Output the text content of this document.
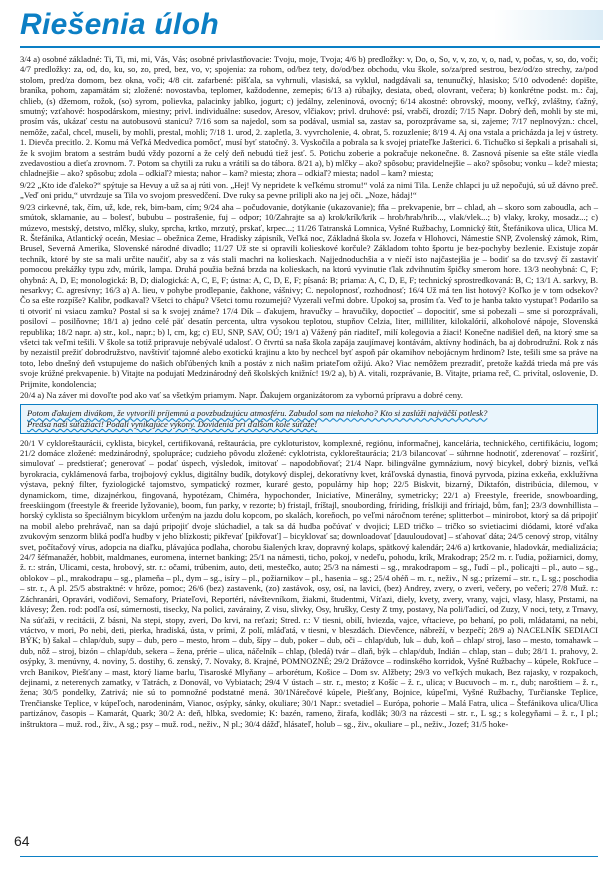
Riešenia úloh

3/4 a) osobné základné: Ti, Ti, mi, mi, Vás, Vás; osobné privlastňovacie: Tvoju, moje, Tvoja; 4/6 b) predložky: v, Do, o, So, v, v, zo, v, o, nad, v, počas, v, so, do, voči; 4/7 predložky: za, od, do, ku, so, zo, pred, bez, vo, v; spojenia: za rohom, od/bez tety, do/od/bez obchodu, vku škole, so/za/pred sestrou, bez/od/zo strechy, za/pod stolom, pred/za domom, bez okna, voči; 4/8 cit. zafarbené: pišťala, sa vyhrnuli, vlasiská, sa vyklul, nadgdávali sa, tenunučký, hlasisko; 5/10 odvodené: dopište, braníka, pohom, zapamätám si; zložené: novostavba, teplomer, každodenne, zemepis; 6/13 a) rúbajky, desiata, obed, olovrant, večera; b) konkrétne podst. m.: čaj, chlieb, (s) džemom, rožok, (so) syrom, polievka, palacinky jablko, jogurt; c) jedálny, zeleninová, ovocný; 6/14 akostné: obrovský, moony, veľký, zvláštny, ťažný, smutný; vzťahové: hospodárskom, miestny; privl. individuálne: susedov, Aresov, vlčiakov; privl. druhové: psí, vrabčí, drozdí; 7/15 Napr. Dobrý deň, mohli by ste mi, prosím vás, ukázať cestu na autobusovú stanicu? 7/16 som sa najedol, som sa podával, usmial sa, zastav sa, porozprávame sa, si, zajeme; 7/17 neplnovýzn.: chcel, nemôže, začal, chcel, museli, by mohli, prestal, mohli; 7/18 1. urod, 2. zapletla, 3. vyvrcholenie, 4. obrat, 5. rozuzlenie; 8/19 4. Aj ona vstala a pricházda ja lej v ústrety. 1. Dievča precitlo. 2. Komu má Veľká Medvedica pomôcť, musí byť statočný. 3. Vyskočila a pobrala sa k svojej priateľke Jašterici. 6. Tichučko si šepkali a prisahali si, že k svojim bratom a sestrám budú vždy pozorní a že celý deň nebudú tiež jesť. 5. Potichu zoberie a pokračuje nekonečne. 8. Zasnová písenie sa ešte stále viedla zvedavostiou a dieťa zrovnom. 7. Potom sa chytili za ruku a vrátili sa do tábora. 8/21 a), b) mlčky – ako? spôsobu; pravidelnejšie – ako? spôsobu; vonku – kde? miesta; chladnejšie – ako? spôsobu; zdola – odkiaľ? miesta; nahor – kam? miesta; zhora – odkiaľ? miesta; nadol – kam? miesta;

9/22 „Kto ide ďaleko?“ spýtuje sa Hevuy a už sa aj rúti von. „Hej! Vy nepridete k veľkému stromu!“ volá za nimi Tila. Lenže chlapci ju už nepočujú, sú už dávno preč. „Veď oni pridu,“ utvrdzuje sa Tila vo svojom presvedčení. Dve ruky sa pevne prilipli ako na jej oči. „Noze, hádaj!“

9/23 cirkevné, tak, čím, už, kde, rek, bim-bam, cím; 9/24 aha – počudovanie, dotýkanie (ukazovanie); fňa – prekvapenie, brr – chlad, ah – skoro som zaboudla, ach – smútok, sklamanie, au – bolesť, bububu – postrašenie, fuj – odpor; 10/Zahrajte sa a) krok/krík/krik – hrob/hrab/hrib..., vlak/vlek...; b) vlaky, kroky, mosadz...; c) múzevo, mestský, detstvo, mlčky, sluky, sprcha, krtko, mrzutý, prskať, krpec...; 11/26 Tatranská Lomnica, Vyšné Ružbachy, Lomnický štít, Štefánikova ulica, Ulica M. R. Štefánika, Atlantický oceán, Mesiac – obežnica Zeme, Hradisky zápisník, Veľká noc, Základná škola sv. Jozefa v Hlohovci, Námestie SNP, Zvolenský zámok, Rim, Brusel, Severná Amerika, Slovenské národné divadlo; 11/27 Už ste si opravili kolieskové korčule? Základom tohto športu je bez-pochyby bezlenie. Existuje zopár techník, ktoré by ste sa mali určite naučiť, aby sa z vás stali machri na kolieskach. Najjednoduchšia a v niečí isto najčastejšia je – bodiť sa do tzv.svý čí zastaviť pomocou prekážky typu zdv, múrik, lampa. Druhá použia bežná brzda na kolieskach, na ktorú vyvinutie ťlak zdvihnutím špičky smerom hore. 13/3 neohybná: C, F; ohybná: A, D, E; monologická: B, D; dialogická: A, C, E, F; ústna: A, C, D, E, F; písaná: B; priama: A, C, D, E, F; technický sprostredkovaná: B, C; 13/1 A. sarkvy, B. nesarkvy; C. agresívny; 16/3 a) A. lieu, v pohybe prodlepanie, čakhone, vášnivy; C. nepolopnosť, rozhodnosť; 16/4 Už má ten list hotový? Koľko je v tom odsekov? Čo sa ešte rozpíše? Kalibr, podkaval? Všetci to chápu? Všetci tomu rozumejú? Vyzerali veľmi dobre. Upokoj sa, prosím ťa. Veď to je hanba takto vystupať! Podarilo sa ti otvoriť ni vsiacu zamku? Postal si sa k svojej známe? 17/4 Dík – ďakujem, hravučky – hravučiky, dopoctieť – dopocitiť, sme si pobezali – sme si porozprávali, posiloví – posilňovne; 18/1 a) jedno celé päť desatín percenta, ultra vysokou teplotou, stupňov Celzia, liter, milliliter, kilokalórií, alkoholové nápoje, Slovenská republika; 18/2 napr. a) str., kol., napr.; b) l, cm, kg; c) EU, SNP, SAV, OÚ; 19/1 a) Vážený pán riaditeľ, milí kolegovia a žiaci! Konečne nadišiel deň, na ktorý sme sa všetci tak veľmi tešili. V škole sa totiž pripravuje nebývalé udalosť. O čtvrtú sa naša škola zapája zaujímavej kontávám, aktívny hodinách, ba aj dobrodružní. Rok z nás by nezaistil prežiť dobrodružstvo, navštíviť tajomné alebo exotickú krajinu a kto by nechcel byť aspoň pár okamihov nebojácnym hrdinom? Iste, tešili sme sa práve na toto, lebo dnešný deň vstupujeme do našich obľúbených kníh a postáv z nich našim priateľom ožijú. Ako? Viac nemôžem prezradiť, pretože každá trieda má pre vás svoje krúžné prekvapenie. b) Vitajte na podujatí Medzinárodný deň školských knižníc! 19/2 a), b) A. vitali, rozprávanie, B. Vitajte, priama reč, C. privítal, oslovenie, D. Prijmite, kondolencia;

20/4 a) Na záver mi dovoľte pod ako vať sa všetkým priamym. Napr. Ďakujem organizátorom za vybornú prípravu a dobré ceny.

Potom ďakujem divákom, že vytvorili príjemnú a povzbudzujúcu atmosféru. Zabudol som na niekoho? Kto si zaslúži najväčší potlesk?
Predsa naši súťažiaci! Podali vynikajúce výkony. Dovidenia pri ďalšom kole súťaže!

20/1 V cykloreštaurácii, cyklista, bicykel, certifikovaná, reštaurácia, pre cykloturistov, komplexné, regiónu, informačnej, kancelária, technického, certifikáciu, logom; 21/2 domáce zložené: medzinárodný, spolupráce; cudzieho pôvodu zložené: cyklotrista, cykloreštaurácia; 21/3 bilancovať – súhrnne hodnotiť, zderenovať – rozšíriť, simulovať – predstierať; generovať – podať úspech, výsledok, imitovať – napodobňovať; 21/4 Napr. bilingválne gymnázium, nový bicykel, dobrý biznis, veľká byrokracia, cyklámenová farba, trojbojový cyklus, digitálny budík, dotykový displej, dekoratívny kvet, kráľovská dynastia, finová pyrvoda, pizina exkeňa, exklužívna výstava, pekný filter, fyziologické tajomstvo, sympatický rozmer, kuraré gesto, populárny hip hop; 22/5 Biskvit, bizarný, Diktafón, distribúcia, dilemou, v dynamickom, time, dizajnérkou, fingovaná, hypotézam, Chiméra, hypochonder, Iniciatíve, Minerálny, symetricky; 22/1 a) Freestyle, freeride, snowboarding, freeskiingom (freestyle & freeride lyžovanie), boom, fun parky, v rezorte; b) fristajl, fríštajl, snoubording, fríriding, fríslkiji and fríriajd, bům, fan]; 23/3 downhillista – horský cyklista so špeciálnym bicyklom určeným na jazdu dolu kopcom, po skalách, koreňoch, po veľmi náročnom teréne; splitterbot – minirobot, ktorý sa dá pripojiť na mobil alebo prehrávač, nan sa dajú pripojiť dvoje slúchadiel, a tak sa dá hudba počúvať v dvojici; LED tričko – tričko so svietiacimi diódami, ktoré vďaka zvukovým senzorm bliká podľa hudby v jeho blízkosti; pikřevať [pikřovať] – bicyklovať sa; downloadovať [dauuloudovat] – sťahovať dáta; 24/5 cenový strop, vitálny svet, počítačový vírus, adopcia na diaľku, plávajúca podlaha, chorobu šialených krav, dopravný kolaps, spätkový kalendár; 24/6 a) krtkovanie, hladovkár, medializácia; 24/7 šéfmanažér, hobbit, maldmanes, euromena, internet banking; 25/1 na námesti, ticho, pokoj, v nedeľu, pohodu, krík, Mrakodrap; 25/2 m. r. ľudia, požiarnici, domy, ž. r.: strán, Ulicami, cesta, hrobový, str. r.: očami, trúbenim, auto, deti, mestečko, auto; 25/3 na námesti – sg., mrakodrapom – sg., ľudí – pl., policajti – pl., auto – sg., oblokov – pl., mrakodrapu – sg., plameňa – pl., dym – sg., isíry – pl., požiarnikov – pl., hasenia – sg.; 25/4 ohéň – m. r., neživ., N sg.; prízemí – str. r., L sg.; poschodia – str. r., A pl. 25/5 abstraktné: v hrôze, pomoc; 26/6 (bez) zastavenk, (zo) zastávok, osy, osí, na lavici, (bez) Andrey, zvery, o zveri, večery, po večeri; 27/8 Muž. r.: Záchranári, Opravári, vodičovi, Semafory, Priateľovi, Reportéri, návštevníkom, žiakmi, študentmi, Víťazi, diely, kvety, zvery, vrany, vajci, vlasy, hlasy, Prstami, na klávesy; Žen. rod: podľa osí, súmernosti, tisecky, Na polici, zavárainy, Z visu, slivky, Osy, hrušky, Cesty Z tmy, postavy, Na poli/ľadicí, od Zuzy, V noci, tety, z Trnavy, Na súťaži, v recitácii, Z básni, Na stepi, stopy, zveri, Do krvi, na reťazi; Stred. r.: V tiesni, obilí, hviezda, vajce, vŕtacieve, po behaní, po poli, mládatami, na nebi, vtáctvo, v mori, Po nebi, deti, pierka, hradiská, ústa, v prími, Z polí, mláďatá, v tiesni, v bleszdách. Dievčence, nábreží, v bezpečí; 28/9 a) NACELNÍK SEDIACI BÝK; b) šakal – chlap/dub, supy – dub, pero – mesto, hrom – dub, šípy – dub, poker – dub, oči – chlap/dub, luk – dub, koň – chlap/ stroj, laso – mesto, tomahawk – dub, nôž – stroj, bizón – chlap/dub, sekera – žena, prérie – ulica, náčelník – chlap, (bledá) tvár – dlaň, býk – chlap/dub, Indián – chlap, stan – dub; 28/1 1. prahovy, 2. osýpky, 3. menúvny, 4. noviny, 5. dostihy, 6. zenský, 7. Novaky, 8. Krajné, POMNOZNÉ; 29/2 Drážovce – rodinského korridok, Vyšné Ružbachy – kúpele, Rokľuce – vrch Banikov, Piešťany – mast, ktorý liame barlu, Tisaroské Mlyňany – arborétum, Košice – Dom sv. Alžbety; 29/3 vo veľkých mukach, Bez rajasky, v rozpakoch, dejinami, z neterenych zamatky, v Tatrách, z Donovál, vo Vybiatach; 29/4 V ústach – str. r., mesto; z Košíc – ž. r., ulica; v Bucuvoch – m. r., dub; naroštiem – ž. r., žena; 30/5 pondelky, Zatrivá; nie sú to pomnožné podstatné mená. 30/1Nárečové kúpele, Piešťany, Bojnice, kúpeľmi, Vyšné Ružbachy, Turčianske Teplice, Trenčianske Teplice, v kúpeľoch, narodeninám, Vianoc, osýpky, sánky, okuliare; 30/1 Napr.: svetadiel – Európa, pohorie – Malá Fatra, ulica – Štefánikova ulica/Ulica partizánov, časopis – Kamarát, Quark; 30/2 A: deň, hlbka, svedomie; K: bazén, rameno, žirafa, kodlák; 30/3 na rázcesti – str. r., L sg.; s kolegyňami – ž. r., I pl.; inštruktora – muž. rod., živ., A sg.; psy – muž. rod., neživ., N pl.; 30/4 dážď, hlásateľ, holub – sg., živ., okuliare – pl., neživ., Jozef; 31/5 hoke-

64
